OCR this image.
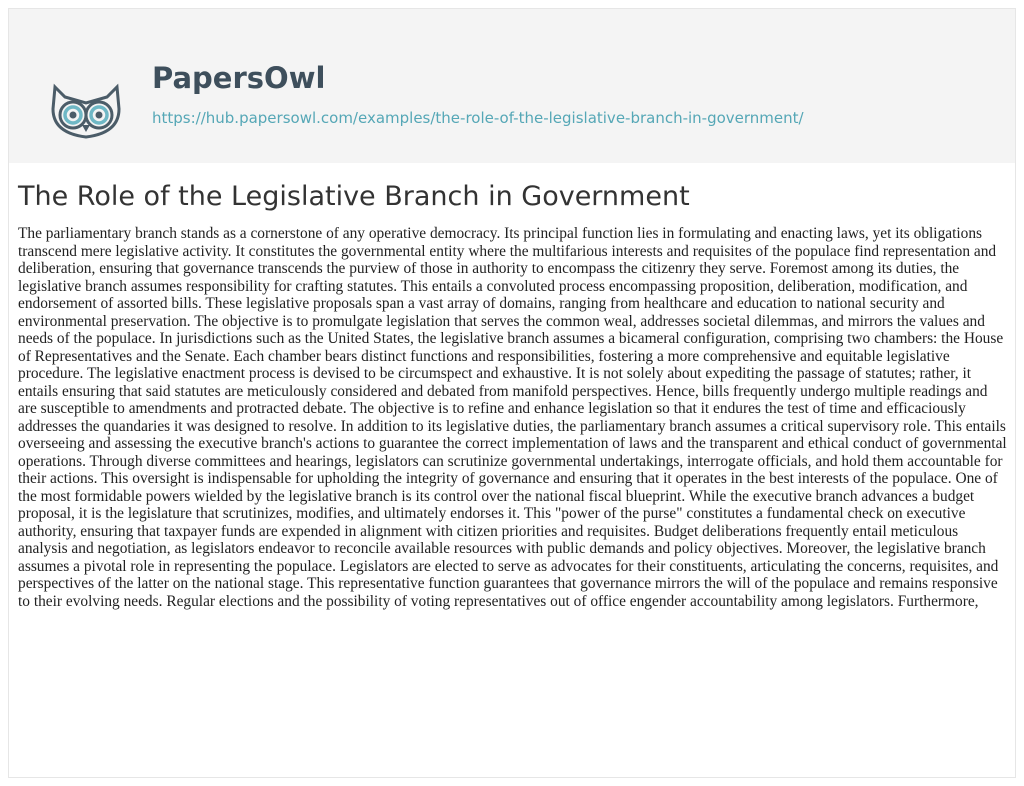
PapersOwl
https://hub.papersowl.com/examples/the-role-of-the-legislative-branch-in-government/
The Role of the Legislative Branch in Government

The parliamentary branch stands as a cornerstone of any operative democracy. Its principal function lies in formulating and enacting laws, yet its obligations transcend mere legislative activity. It constitutes the governmental entity where the multifarious interests and requisites of the populace find representation and deliberation, ensuring that governance transcends the purview of those in authority to encompass the citizenry they serve. Foremost among its duties, the legislative branch assumes responsibility for crafting statutes. This entails a convoluted process encompassing proposition, deliberation, modification, and endorsement of assorted bills. These legislative proposals span a vast array of domains, ranging from healthcare and education to national security and environmental preservation. The objective is to promulgate legislation that serves the common weal, addresses societal dilemmas, and mirrors the values and needs of the populace. In jurisdictions such as the United States, the legislative branch assumes a bicameral configuration, comprising two chambers: the House of Representatives and the Senate. Each chamber bears distinct functions and responsibilities, fostering a more comprehensive and equitable legislative procedure. The legislative enactment process is devised to be circumspect and exhaustive. It is not solely about expediting the passage of statutes; rather, it entails ensuring that said statutes are meticulously considered and debated from manifold perspectives. Hence, bills frequently undergo multiple readings and are susceptible to amendments and protracted debate. The objective is to refine and enhance legislation so that it endures the test of time and efficaciously addresses the quandaries it was designed to resolve. In addition to its legislative duties, the parliamentary branch assumes a critical supervisory role. This entails overseeing and assessing the executive branch's actions to guarantee the correct implementation of laws and the transparent and ethical conduct of governmental operations. Through diverse committees and hearings, legislators can scrutinize governmental undertakings, interrogate officials, and hold them accountable for their actions. This oversight is indispensable for upholding the integrity of governance and ensuring that it operates in the best interests of the populace. One of the most formidable powers wielded by the legislative branch is its control over the national fiscal blueprint. While the executive branch advances a budget proposal, it is the legislature that scrutinizes, modifies, and ultimately endorses it. This "power of the purse" constitutes a fundamental check on executive authority, ensuring that taxpayer funds are expended in alignment with citizen priorities and requisites. Budget deliberations frequently entail meticulous analysis and negotiation, as legislators endeavor to reconcile available resources with public demands and policy objectives. Moreover, the legislative branch assumes a pivotal role in representing the populace. Legislators are elected to serve as advocates for their constituents, articulating the concerns, requisites, and perspectives of the latter on the national stage. This representative function guarantees that governance mirrors the will of the populace and remains responsive to their evolving needs. Regular elections and the possibility of voting representatives out of office engender accountability among legislators. Furthermore,
